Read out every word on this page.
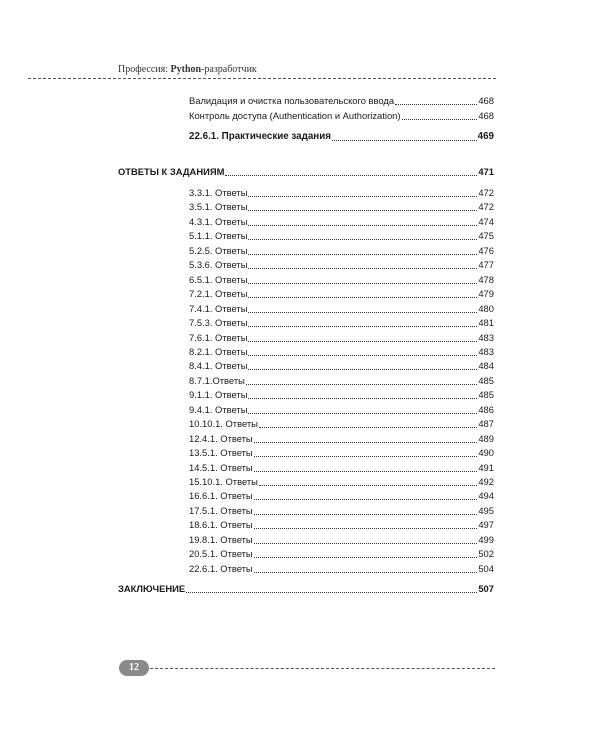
Профессия: Python-разработчик
Валидация и очистка пользовательского ввода	468
Контроль доступа (Authentication и Authorization)	468
22.6.1. Практические задания	469
ОТВЕТЫ К ЗАДАНИЯМ	471
3.3.1. Ответы	472
3.5.1. Ответы	472
4.3.1. Ответы	474
5.1.1. Ответы	475
5.2.5. Ответы	476
5.3.6. Ответы	477
6.5.1. Ответы	478
7.2.1. Ответы	479
7.4.1. Ответы	480
7.5.3. Ответы	481
7.6.1. Ответы	483
8.2.1. Ответы	483
8.4.1. Ответы	484
8.7.1.Ответы	485
9.1.1. Ответы	485
9.4.1. Ответы	486
10.10.1. Ответы	487
12.4.1. Ответы	489
13.5.1. Ответы	490
14.5.1. Ответы	491
15.10.1. Ответы	492
16.6.1. Ответы	494
17.5.1. Ответы	495
18.6.1. Ответы	497
19.8.1. Ответы	499
20.5.1. Ответы	502
22.6.1. Ответы	504
ЗАКЛЮЧЕНИЕ	507
12
